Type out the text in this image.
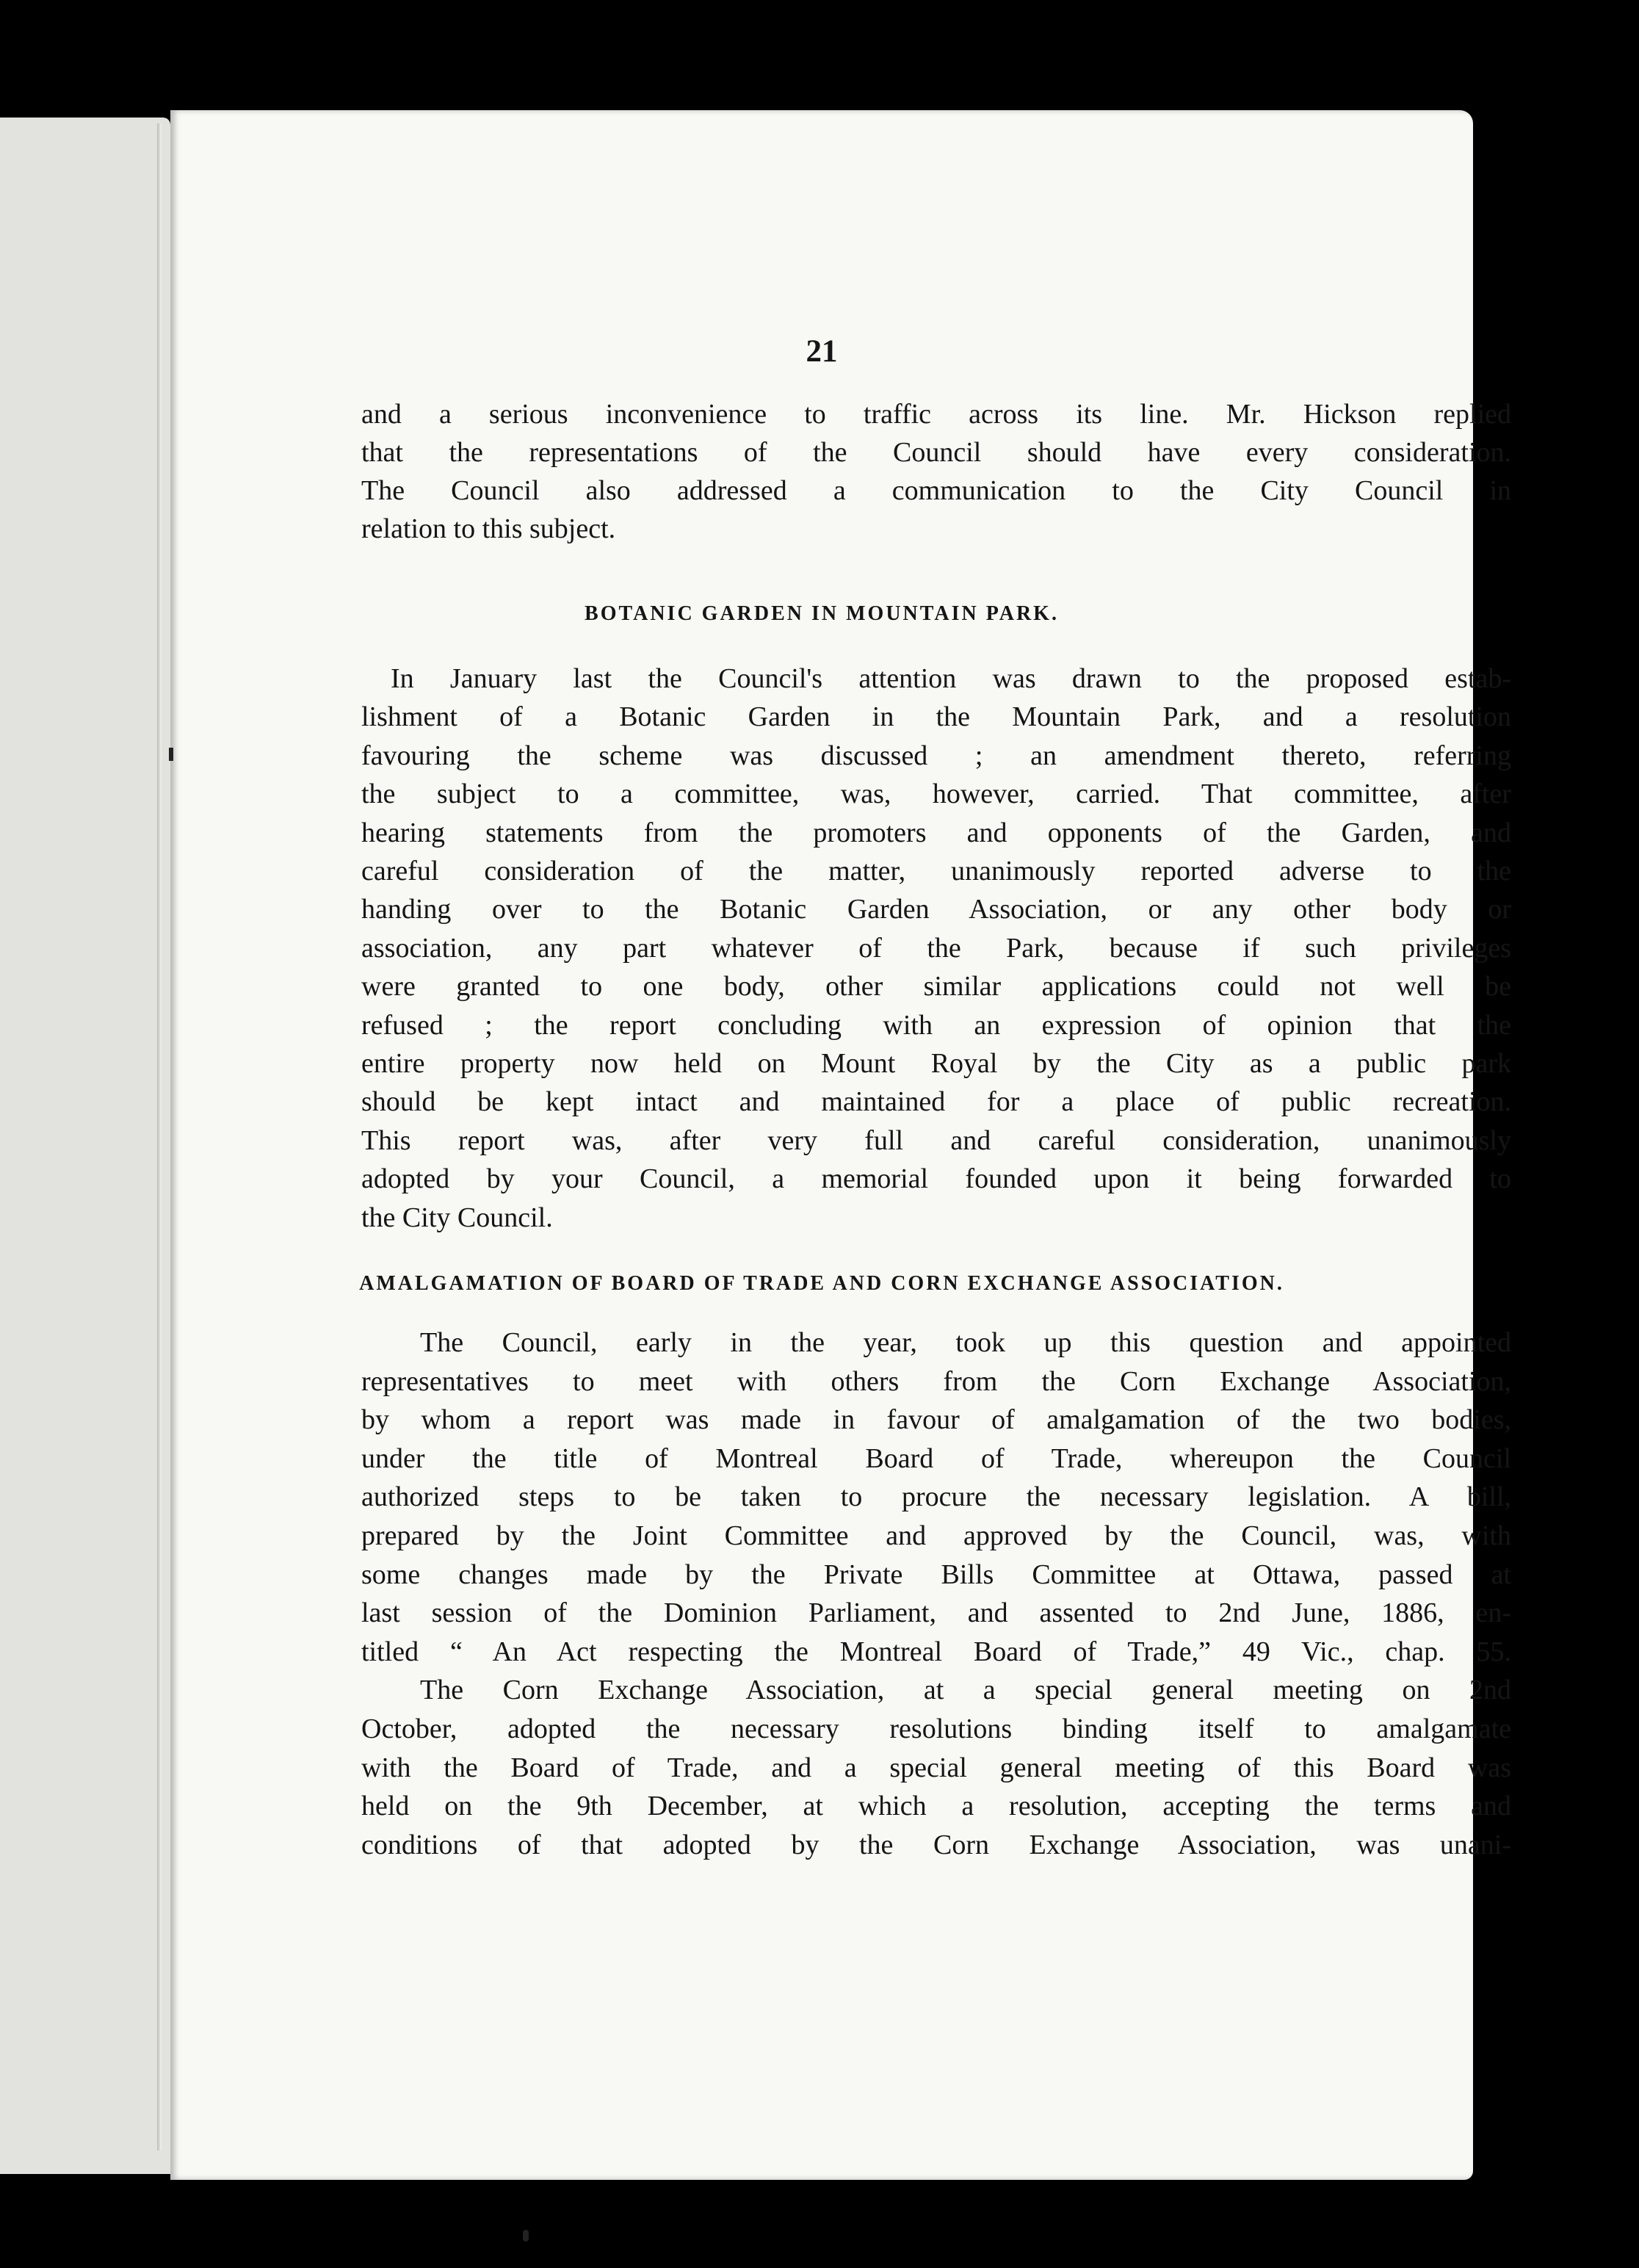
21
and a serious inconvenience to traffic across its line. Mr. Hickson replied
that the representations of the Council should have every consideration.
The Council also addressed a communication to the City Council in
relation to this subject.
BOTANIC GARDEN IN MOUNTAIN PARK.
In January last the Council's attention was drawn to the proposed estab-
lishment of a Botanic Garden in the Mountain Park, and a resolution
favouring the scheme was discussed ; an amendment thereto, referring
the subject to a committee, was, however, carried. That committee, after
hearing statements from the promoters and opponents of the Garden, and
careful consideration of the matter, unanimously reported adverse to the
handing over to the Botanic Garden Association, or any other body or
association, any part whatever of the Park, because if such privileges
were granted to one body, other similar applications could not well be
refused ; the report concluding with an expression of opinion that the
entire property now held on Mount Royal by the City as a public park
should be kept intact and maintained for a place of public recreation.
This report was, after very full and careful consideration, unanimously
adopted by your Council, a memorial founded upon it being forwarded to
the City Council.
AMALGAMATION OF BOARD OF TRADE AND CORN EXCHANGE ASSOCIATION.
The Council, early in the year, took up this question and appointed
representatives to meet with others from the Corn Exchange Association,
by whom a report was made in favour of amalgamation of the two bodies,
under the title of Montreal Board of Trade, whereupon the Council
authorized steps to be taken to procure the necessary legislation. A bill,
prepared by the Joint Committee and approved by the Council, was, with
some changes made by the Private Bills Committee at Ottawa, passed at
last session of the Dominion Parliament, and assented to 2nd June, 1886, en-
titled “ An Act respecting the Montreal Board of Trade,” 49 Vic., chap. 55.
The Corn Exchange Association, at a special general meeting on 2nd
October, adopted the necessary resolutions binding itself to amalgamate
with the Board of Trade, and a special general meeting of this Board was
held on the 9th December, at which a resolution, accepting the terms and
conditions of that adopted by the Corn Exchange Association, was unani-
